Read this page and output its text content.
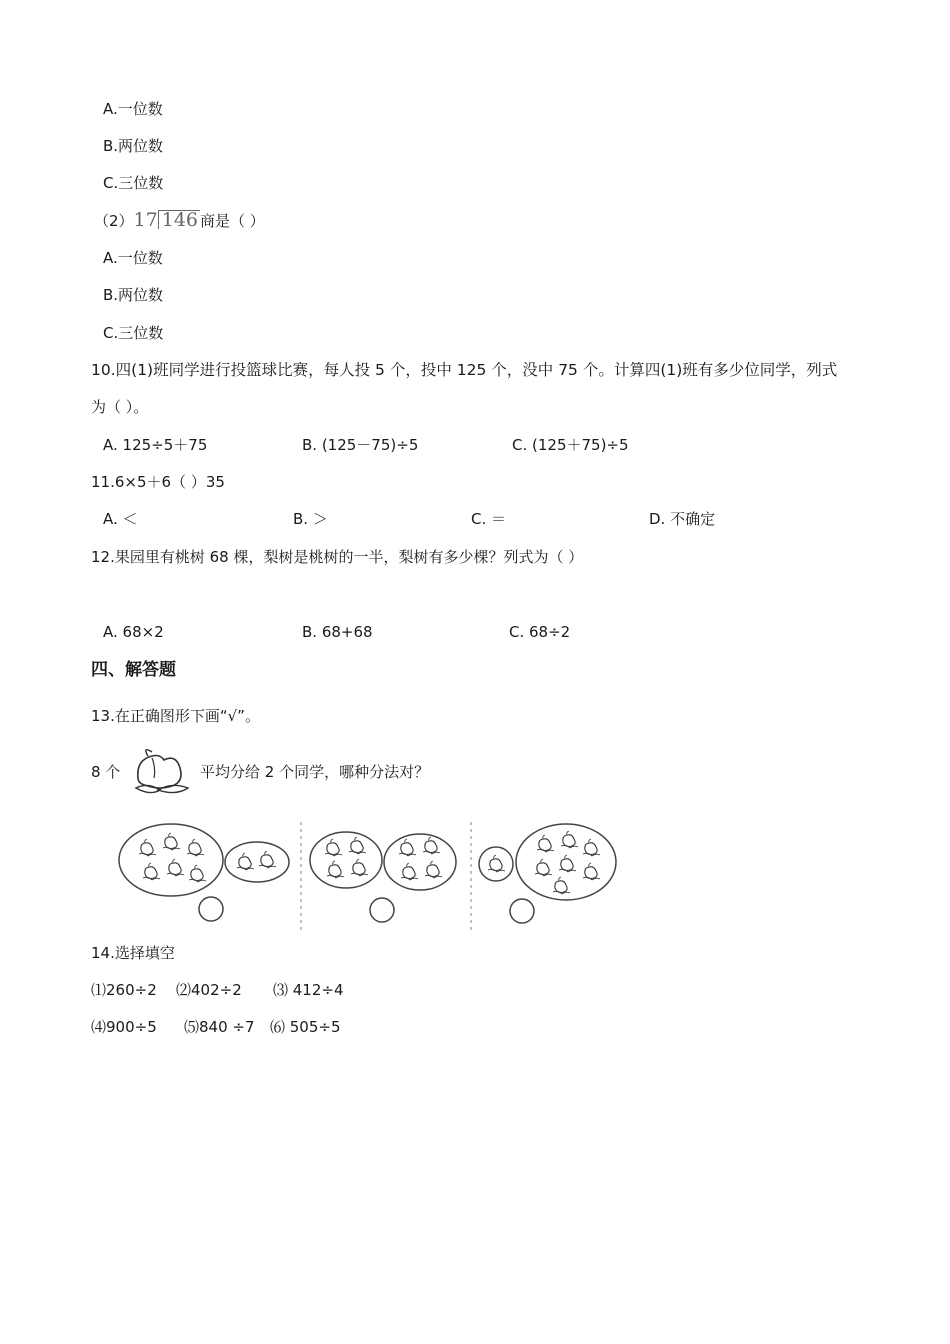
A.一位数
B.两位数
C.三位数
（2）17 146 商是（ ）
A.一位数
B.两位数
C.三位数
10.四(1)班同学进行投篮球比赛，每人投 5 个，投中 125 个，没中 75 个。计算四(1)班有多少位同学，列式
为（ ）。
A. 125÷5＋75	B. (125－75)÷5	C. (125＋75)÷5
11.6×5＋6（ ）35
A. ＜	B. ＞	C. ＝	D. 不确定
12.果园里有桃树 68 棵，梨树是桃树的一半，梨树有多少棵？列式为（ ）
A. 68×2	B. 68+68	C. 68÷2
四、解答题
13.在正确图形下画“√”。
8 个	平均分给 2 个同学，哪种分法对？
14.选择填空
⑴260÷2 ⑵402÷2 ⑶ 412÷4
⑷900÷5 ⑸840 ÷7 ⑹ 505÷5
